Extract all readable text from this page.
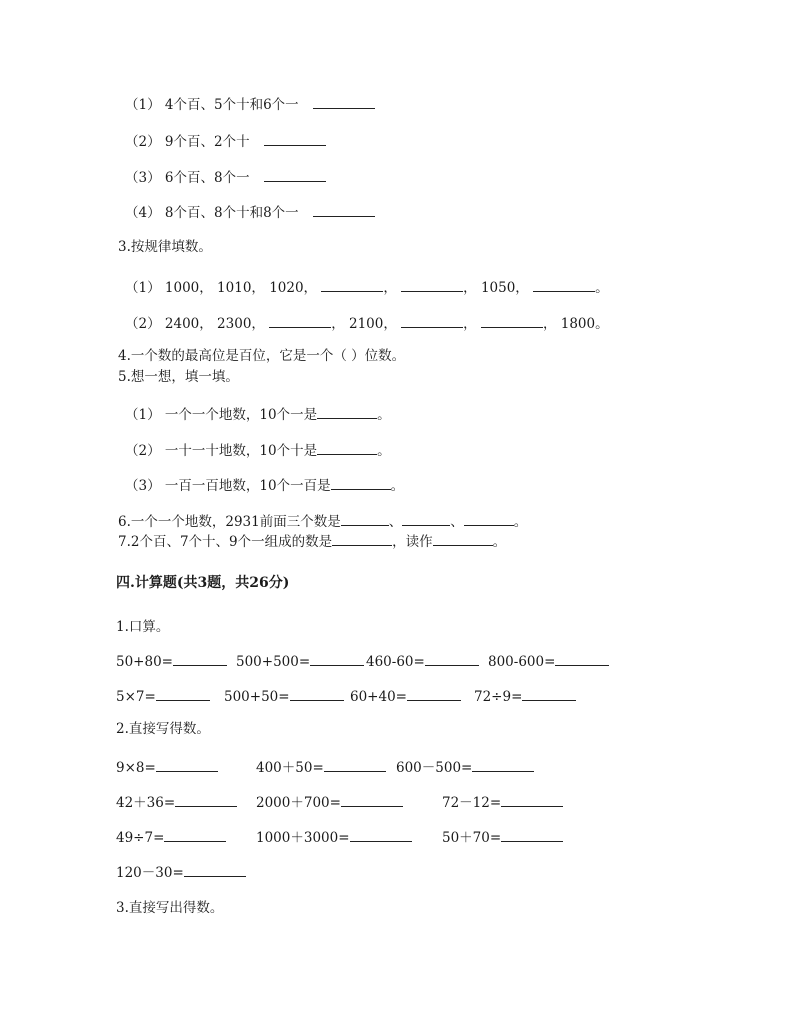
（1） 4个百、5个十和6个一
（2） 9个百、2个十
（3） 6个百、8个一
（4） 8个百、8个十和8个一
3.按规律填数。
（1） 1000， 1010， 1020，	，	， 1050，	。
（2） 2400， 2300，	， 2100，	，	， 1800。
4.一个数的最高位是百位，它是一个（ ）位数。
5.想一想，填一填。
（1） 一个一个地数，10个一是	。
（2） 一十一十地数，10个十是	。
（3） 一百一百地数，10个一百是	。
6.一个一个地数，2931前面三个数是	、	、	。
7.2个百、7个十、9个一组成的数是	，读作	。
四.计算题(共3题，共26分)
1.口算。
50+80=	500+500=	460-60=	800-600=
5×7=	500+50=	60+40=	72÷9=
2.直接写得数。
9×8=	400＋50=	600－500=
42＋36=	2000＋700=	72－12=
49÷7=	1000＋3000=	50＋70=
120－30=
3.直接写出得数。
